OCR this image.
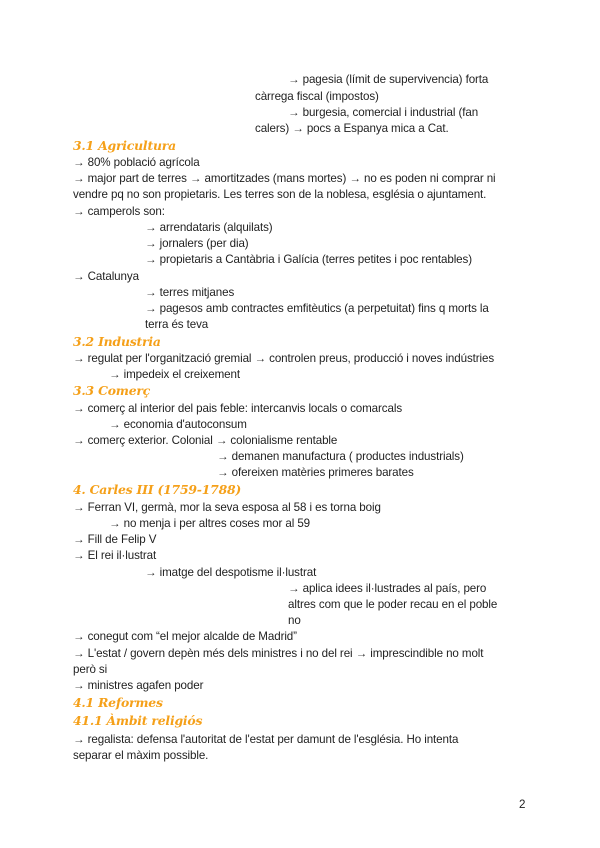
2
→ pagesia (límit de supervivencia) forta
càrrega fiscal (impostos)
→ burgesia, comercial i industrial (fan
calers) → pocs a Espanya mica a Cat.
3.1 Agricultura
→ 80% població agrícola
→ major part de terres → amortitzades (mans mortes) → no es poden ni comprar ni
vendre pq no son propietaris. Les terres son de la noblesa, església o ajuntament.
→ camperols son:
→ arrendataris (alquilats)
→ jornalers (per dia)
→ propietaris a Cantàbria i Galícia (terres petites i poc rentables)
→ Catalunya
→ terres mitjanes
→ pagesos amb contractes emfitèutics (a perpetuitat) fins q morts la
terra és teva
3.2 Industria
→ regulat per l'organització gremial → controlen preus, producció i noves indústries
→ impedeix el creixement
3.3 Comerç
→ comerç al interior del pais feble: intercanvis locals o comarcals
→ economia d'autoconsum
→ comerç exterior. Colonial → colonialisme rentable
→ demanen manufactura ( productes industrials)
→ ofereixen matèries primeres barates
4. Carles III (1759-1788)
→ Ferran VI, germà, mor la seva esposa al 58 i es torna boig
→ no menja i per altres coses mor al 59
→ Fill de Felip V
→ El rei il·lustrat
→ imatge del despotisme il·lustrat
→ aplica idees il·lustrades al país, pero
altres com que le poder recau en el poble
no
→ conegut com “el mejor alcalde de Madrid”
→ L'estat / govern depèn més dels ministres i no del rei → imprescindible no molt
però si
→ ministres agafen poder
4.1 Reformes
41.1 Àmbit religiós
→ regalista: defensa l'autoritat de l'estat per damunt de l'església. Ho intenta
separar el màxim possible.
